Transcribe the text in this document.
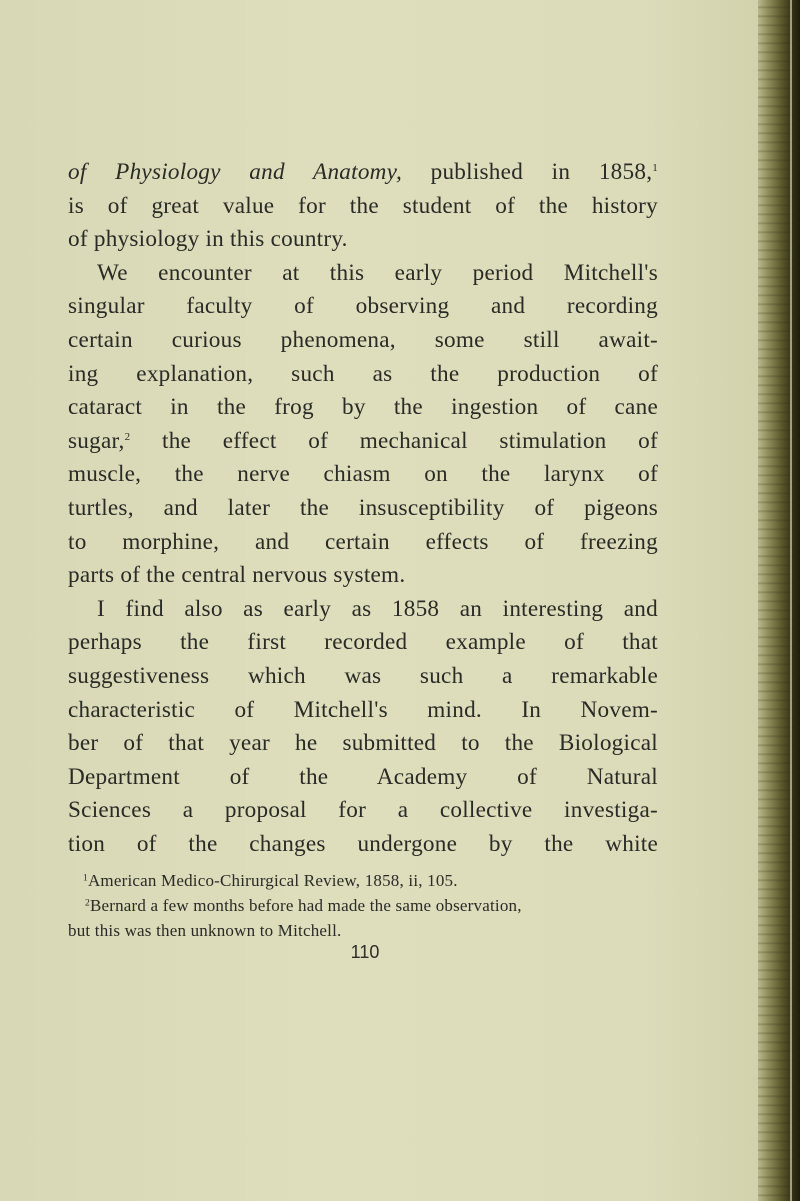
of Physiology and Anatomy, published in 1858,$^1$
is of great value for the student of the history
of physiology in this country.
We encounter at this early period Mitchell's
singular faculty of observing and recording
certain curious phenomena, some still await-
ing explanation, such as the production of
cataract in the frog by the ingestion of cane
sugar,$^2$ the effect of mechanical stimulation of
muscle, the nerve chiasm on the larynx of
turtles, and later the insusceptibility of pigeons
to morphine, and certain effects of freezing
parts of the central nervous system.
I find also as early as 1858 an interesting and
perhaps the first recorded example of that
suggestiveness which was such a remarkable
characteristic of Mitchell's mind. In Novem-
ber of that year he submitted to the Biological
Department of the Academy of Natural
Sciences a proposal for a collective investiga-
tion of the changes undergone by the white
$^1$American Medico-Chirurgical Review, 1858, ii, 105.
$^2$Bernard a few months before had made the same observation,
but this was then unknown to Mitchell.
110
